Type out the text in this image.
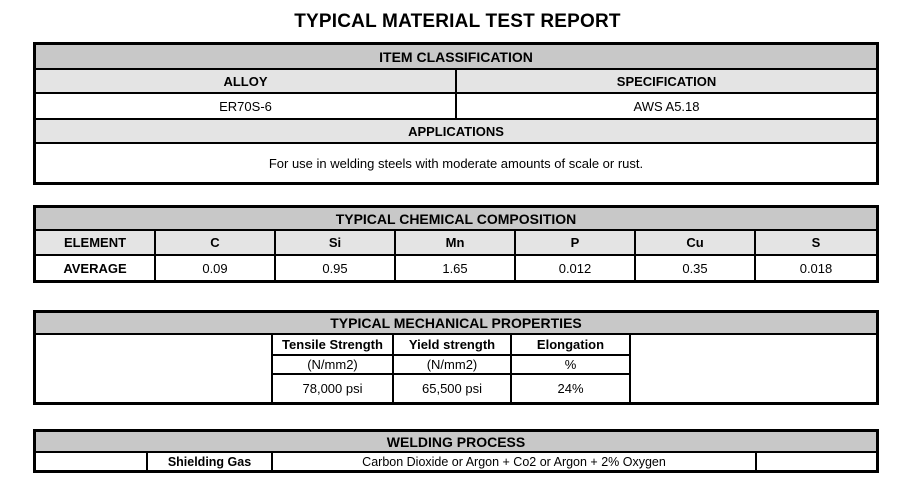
TYPICAL MATERIAL TEST REPORT
ITEM CLASSIFICATION
ALLOY	SPECIFICATION
ER70S-6	AWS A5.18
APPLICATIONS
For use in welding steels with moderate amounts of scale or rust.
TYPICAL CHEMICAL COMPOSITION
ELEMENT	C	Si	Mn	P	Cu	S
AVERAGE	0.09	0.95	1.65	0.012	0.35	0.018
TYPICAL MECHANICAL PROPERTIES
Tensile Strength	Yield strength	Elongation
(N/mm2)	(N/mm2)	%
78,000 psi	65,500 psi	24%
WELDING PROCESS
Shielding Gas	Carbon Dioxide or Argon + Co2 or Argon + 2% Oxygen
